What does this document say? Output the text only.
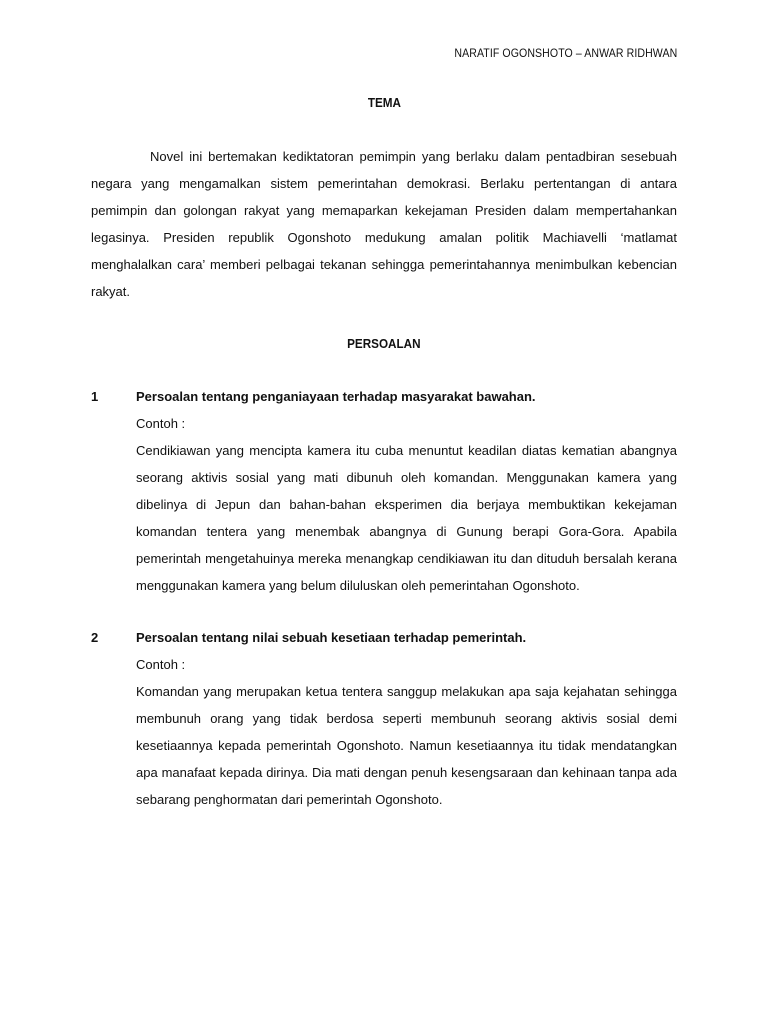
NARATIF OGONSHOTO – ANWAR RIDHWAN
TEMA
Novel ini bertemakan kediktatoran pemimpin yang berlaku dalam pentadbiran sesebuah negara yang mengamalkan sistem pemerintahan demokrasi. Berlaku pertentangan di antara pemimpin dan golongan rakyat yang memaparkan kekejaman Presiden dalam mempertahankan legasinya. Presiden republik Ogonshoto medukung amalan politik Machiavelli ‘matlamat menghalalkan cara’ memberi pelbagai tekanan sehingga pemerintahannya menimbulkan kebencian rakyat.
PERSOALAN
1	Persoalan tentang penganiayaan terhadap masyarakat bawahan.
Contoh :
Cendikiawan yang mencipta kamera itu cuba menuntut keadilan diatas kematian abangnya seorang aktivis sosial yang mati dibunuh oleh komandan. Menggunakan kamera yang dibelinya di Jepun dan bahan-bahan eksperimen dia berjaya membuktikan kekejaman komandan tentera yang menembak abangnya di Gunung berapi Gora-Gora. Apabila pemerintah mengetahuinya mereka menangkap cendikiawan itu dan dituduh bersalah kerana menggunakan kamera yang belum diluluskan oleh pemerintahan Ogonshoto.
2	Persoalan tentang nilai sebuah kesetiaan terhadap pemerintah.
Contoh :
Komandan yang merupakan ketua tentera sanggup melakukan apa saja kejahatan sehingga membunuh orang yang tidak berdosa seperti membunuh seorang aktivis sosial demi kesetiaannya kepada pemerintah Ogonshoto. Namun kesetiaannya itu tidak mendatangkan apa manafaat kepada dirinya. Dia mati dengan penuh kesengsaraan dan kehinaan tanpa ada sebarang penghormatan dari pemerintah Ogonshoto.
